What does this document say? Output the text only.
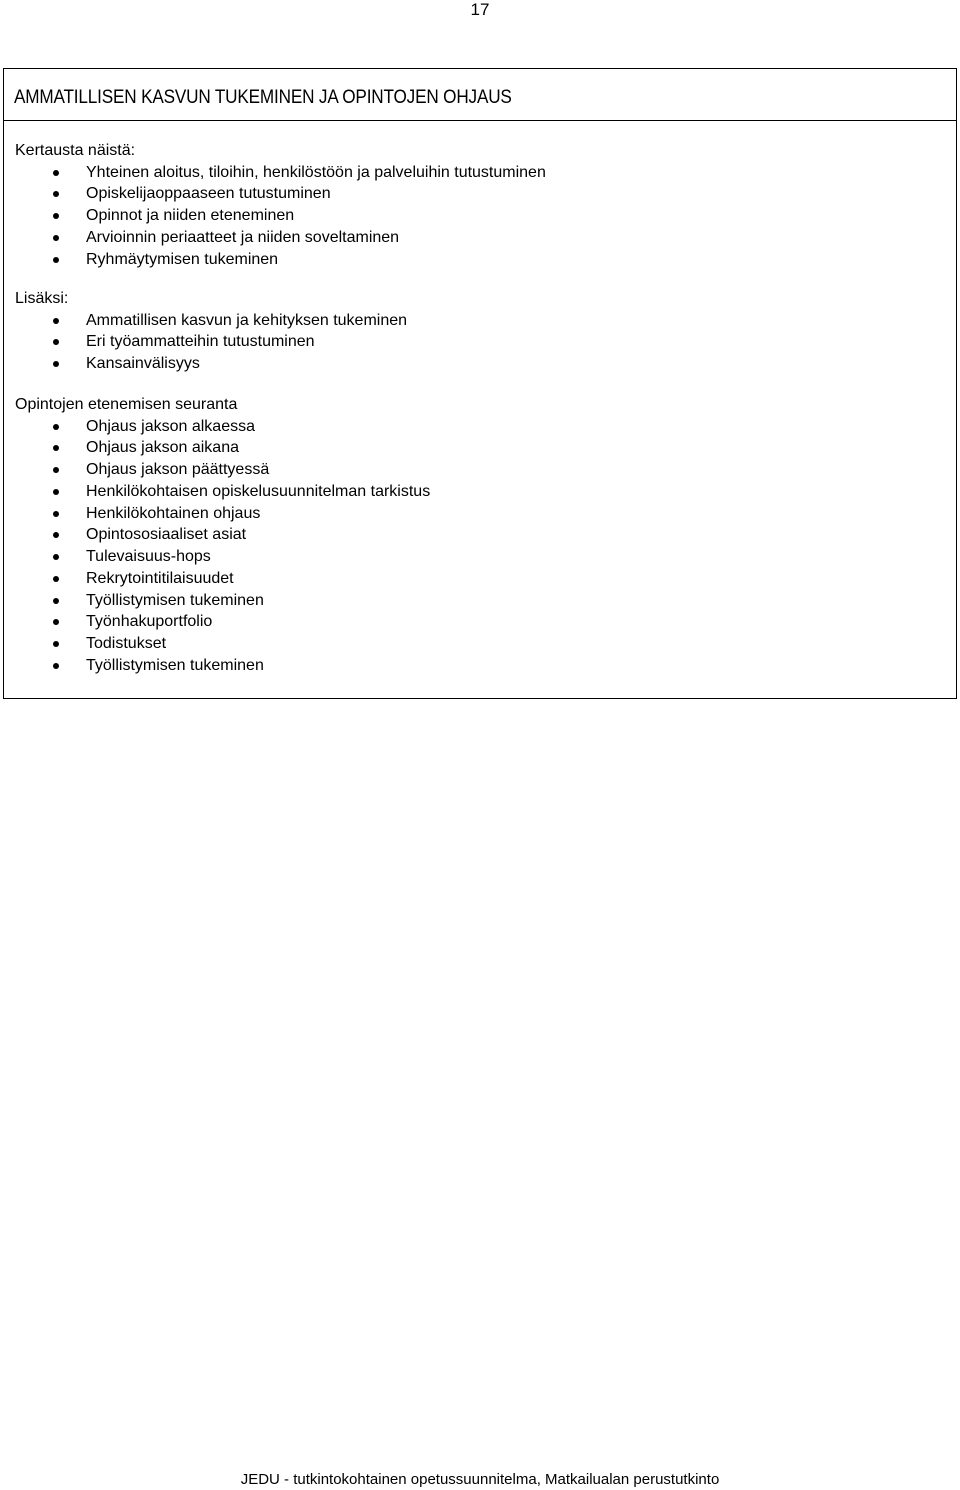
17
AMMATILLISEN KASVUN TUKEMINEN JA OPINTOJEN OHJAUS
Kertausta näistä:
Yhteinen aloitus, tiloihin, henkilöstöön ja palveluihin tutustuminen
Opiskelijaoppaaseen tutustuminen
Opinnot ja niiden eteneminen
Arvioinnin periaatteet ja niiden soveltaminen
Ryhmäytymisen tukeminen
Lisäksi:
Ammatillisen kasvun ja kehityksen tukeminen
Eri työammatteihin tutustuminen
Kansainvälisyys
Opintojen etenemisen seuranta
Ohjaus jakson alkaessa
Ohjaus jakson aikana
Ohjaus jakson päättyessä
Henkilökohtaisen opiskelusuunnitelman tarkistus
Henkilökohtainen ohjaus
Opintososiaaliset asiat
Tulevaisuus-hops
Rekrytointitilaisuudet
Työllistymisen tukeminen
Työnhakuportfolio
Todistukset
Työllistymisen tukeminen
JEDU - tutkintokohtainen opetussuunnitelma, Matkailualan perustutkinto
